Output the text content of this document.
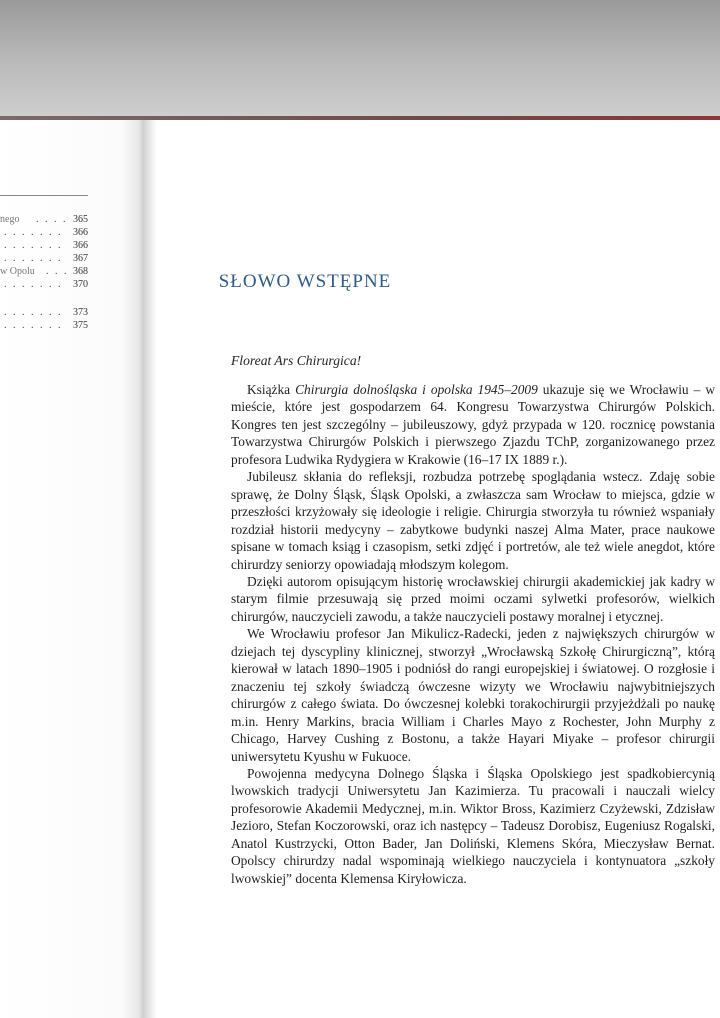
nego . . . . 365
. . . . . . . 366
. . . . . . . 366
. . . . . . . 367
w Opolu . . . 368
. . . . . . . 370
. . . . . . . 373
. . . . . . . 375
SŁOWO WSTĘPNE
Floreat Ars Chirurgica!

Książka Chirurgia dolnośląska i opolska 1945–2009 ukazuje się we Wrocławiu – w mieście, które jest gospodarzem 64. Kongresu Towarzystwa Chirurgów Polskich. Kongres ten jest szczególny – jubileuszowy, gdyż przypada w 120. rocznicę powstania Towarzystwa Chirurgów Polskich i pierwszego Zjazdu TChP, zorganizowanego przez profesora Ludwika Rydygiera w Krakowie (16–17 IX 1889 r.).

Jubileusz skłania do refleksji, rozbudza potrzebę spoglądania wstecz. Zdaję sobie sprawę, że Dolny Śląsk, Śląsk Opolski, a zwłaszcza sam Wrocław to miejsca, gdzie w przeszłości krzyżowały się ideologie i religie. Chirurgia stworzyła tu również wspaniały rozdział historii medycyny – zabytkowe budynki naszej Alma Mater, prace naukowe spisane w tomach ksiąg i czasopism, setki zdjęć i portretów, ale też wiele anegdot, które chirurdzy seniorzy opowiadają młodszym kolegom.

Dzięki autorom opisującym historię wrocławskiej chirurgii akademickiej jak kadry w starym filmie przesuwają się przed moimi oczami sylwetki profesorów, wielkich chirurgów, nauczycieli zawodu, a także nauczycieli postawy moralnej i etycznej.

We Wrocławiu profesor Jan Mikulicz-Radecki, jeden z największych chirurgów w dziejach tej dyscypliny klinicznej, stworzył „Wrocławską Szkołę Chirurgiczną”, którą kierował w latach 1890–1905 i podniósł do rangi europejskiej i światowej. O rozgłosie i znaczeniu tej szkoły świadczą ówczesne wizyty we Wrocławiu najwybitniejszych chirurgów z całego świata. Do ówczesnej kolebki torakochirurgii przyjeżdżali po naukę m.in. Henry Markins, bracia William i Charles Mayo z Rochester, John Murphy z Chicago, Harvey Cushing z Bostonu, a także Hayari Miyake – profesor chirurgii uniwersytetu Kyushu w Fukuoce.

Powojenna medycyna Dolnego Śląska i Śląska Opolskiego jest spadkobiercynią lwowskich tradycji Uniwersytetu Jan Kazimierza. Tu pracowali i nauczali wielcy profesorowie Akademii Medycznej, m.in. Wiktor Bross, Kazimierz Czyżewski, Zdzisław Jezioro, Stefan Koczorowski, oraz ich następcy – Tadeusz Dorobisz, Eugeniusz Rogalski, Anatol Kustrzycki, Otton Bader, Jan Doliński, Klemens Skóra, Mieczysław Bernat. Opolscy chirurdzy nadal wspominają wielkiego nauczyciela i kontynuatora „szkoły lwowskiej” docenta Klemensa Kiryłowicza.
